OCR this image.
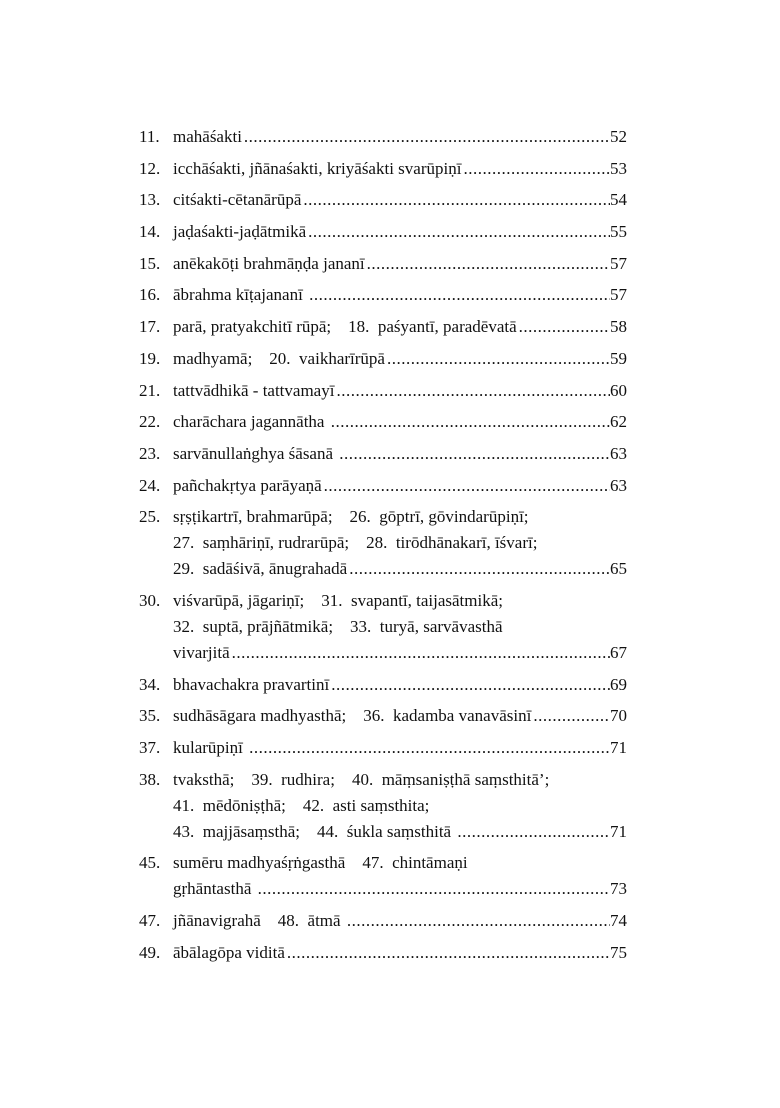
11. mahāśakti .....	52
12. icchāśakti, jñānaśakti, kriyāśakti svarūpiṇī .....	53
13. citśakti-cētanārūpā .....	54
14. jaḍaśakti-jaḍātmikā .....	55
15. anēkakōṭi brahmāṇḍa jananī .....	57
16. ābrahma kīṭajananī .....	57
17. parā, pratyakchitī rūpā;    18.  paśyantī, paradēvatā .....	58
19. madhyamā;    20.  vaikharīrūpā .....	59
21. tattvādhikā - tattvamayī .....	60
22. charāchara jagannātha .....	62
23. sarvānullaṅghya śāsanā .....	63
24. pañchakṛtya parāyaṇā .....	63
25. sṛṣṭikartrī, brahmarūpā;    26.  gōptrī, gōvindarūpiṇī;
27.  saṃhāriṇī, rudrarūpā;    28.  tirōdhānakarī, īśvarī;
29.  sadāśivā, ānugrahadā .....	65
30. viśvarūpā, jāgariṇī;    31.  svapantī, taijasātmikā;
32.  suptā, prājñātmikā;    33.  turyā, sarvāvasthā
vivarjitā .....	67
34. bhavachakra pravartinī .....	69
35. sudhāsāgara madhyasthā;    36.  kadamba vanavāsinī .....	70
37. kularūpiṇī .....	71
38. tvaksthā;    39.  rudhira;    40.  māṃsaniṣṭhā saṃsthitā’;
41.  mēdōniṣṭhā;    42.  asti saṃsthita;
43.  majjāsaṃsthā;    44.  śukla saṃsthitā .....	71
45. sumēru madhyaśṛṅgasthā    47.  chintāmaṇi
gṛhāntasthā .....	73
47. jñānavigrahā    48.  ātmā .....	74
49. ābālagōpa viditā .....	75
